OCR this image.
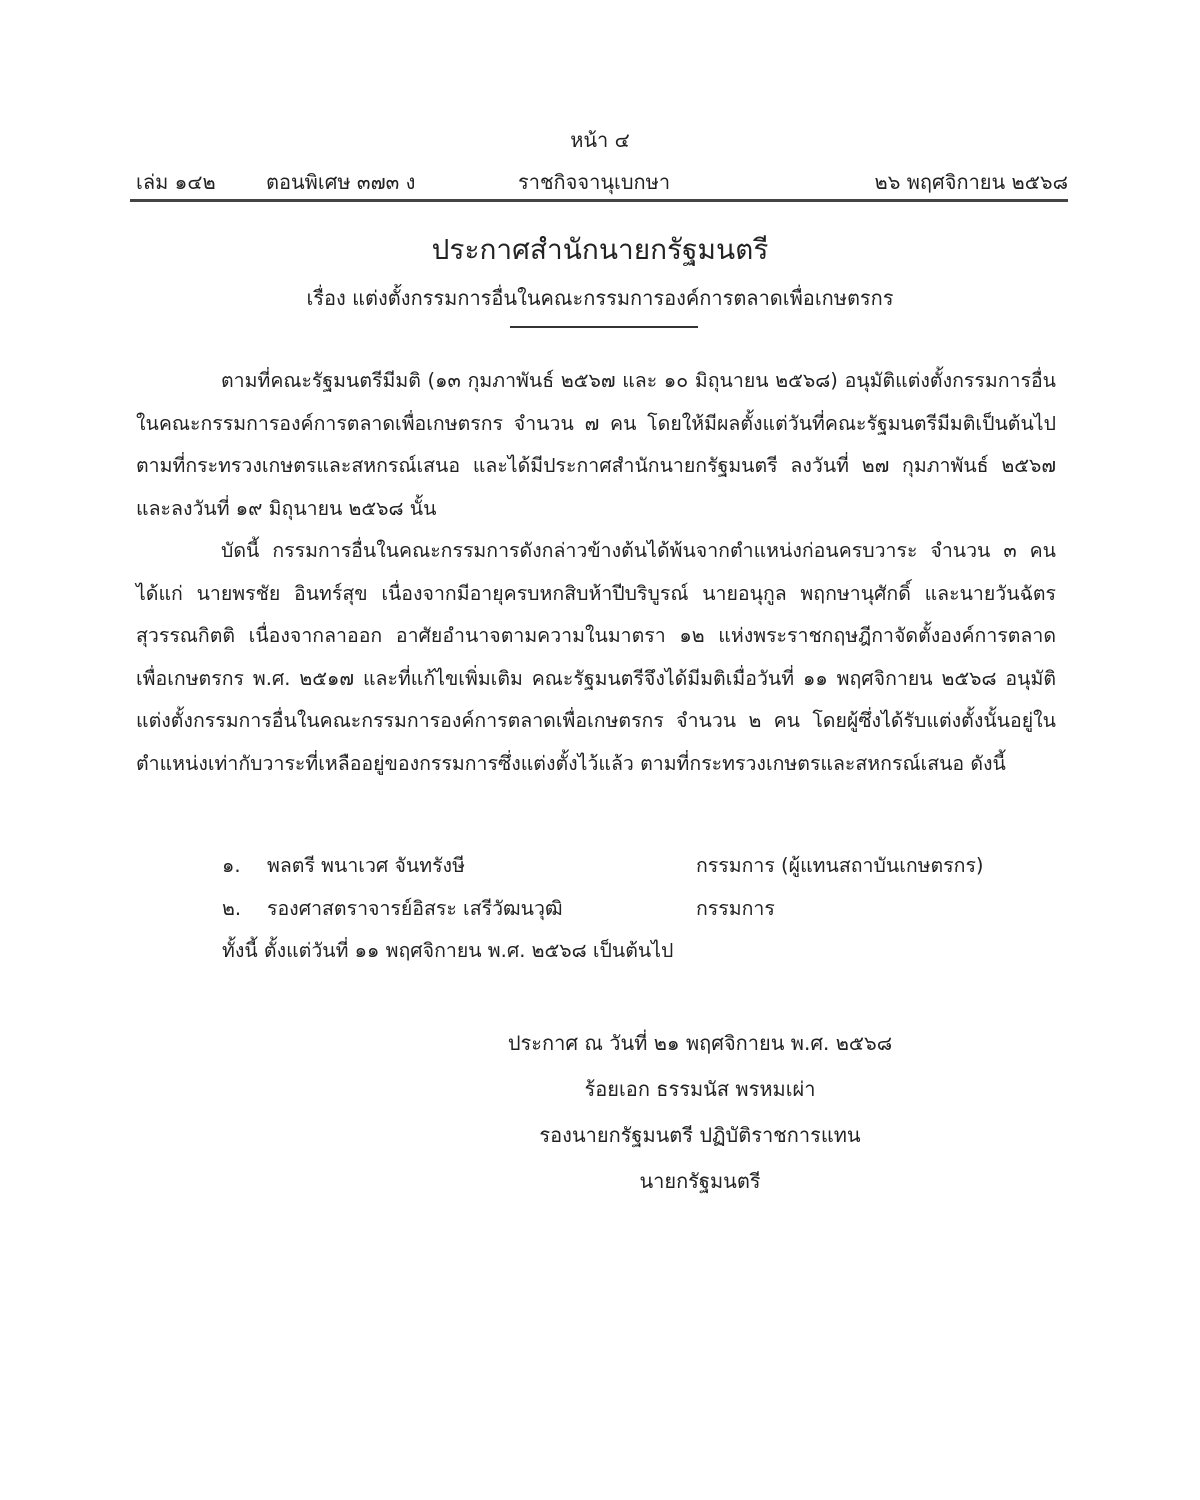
หน้า ๔
เล่ม ๑๔๒	ตอนพิเศษ ๓๗๓ ง	ราชกิจจานุเบกษา	๒๖ พฤศจิกายน ๒๕๖๘
ประกาศสำนักนายกรัฐมนตรี
เรื่อง แต่งตั้งกรรมการอื่นในคณะกรรมการองค์การตลาดเพื่อเกษตรกร

ตามที่คณะรัฐมนตรีมีมติ (๑๓ กุมภาพันธ์ ๒๕๖๗ และ ๑๐ มิถุนายน ๒๕๖๘) อนุมัติแต่งตั้งกรรมการอื่นในคณะกรรมการองค์การตลาดเพื่อเกษตรกร จำนวน ๗ คน โดยให้มีผลตั้งแต่วันที่คณะรัฐมนตรีมีมติเป็นต้นไป ตามที่กระทรวงเกษตรและสหกรณ์เสนอ และได้มีประกาศสำนักนายกรัฐมนตรี ลงวันที่ ๒๗ กุมภาพันธ์ ๒๕๖๗ และลงวันที่ ๑๙ มิถุนายน ๒๕๖๘ นั้น

บัดนี้ กรรมการอื่นในคณะกรรมการดังกล่าวข้างต้นได้พ้นจากตำแหน่งก่อนครบวาระ จำนวน ๓ คน ได้แก่ นายพรชัย อินทร์สุข เนื่องจากมีอายุครบหกสิบห้าปีบริบูรณ์ นายอนุกูล พฤกษานุศักดิ์ และนายวันฉัตร สุวรรณกิตติ เนื่องจากลาออก อาศัยอำนาจตามความในมาตรา ๑๒ แห่งพระราชกฤษฎีกาจัดตั้งองค์การตลาดเพื่อเกษตรกร พ.ศ. ๒๕๑๗ และที่แก้ไขเพิ่มเติม คณะรัฐมนตรีจึงได้มีมติเมื่อวันที่ ๑๑ พฤศจิกายน ๒๕๖๘ อนุมัติแต่งตั้งกรรมการอื่นในคณะกรรมการองค์การตลาดเพื่อเกษตรกร จำนวน ๒ คน โดยผู้ซึ่งได้รับแต่งตั้งนั้นอยู่ในตำแหน่งเท่ากับวาระที่เหลืออยู่ของกรรมการซึ่งแต่งตั้งไว้แล้ว ตามที่กระทรวงเกษตรและสหกรณ์เสนอ ดังนี้

๑. พลตรี พนาเวศ จันทรังษี	กรรมการ (ผู้แทนสถาบันเกษตรกร)
๒. รองศาสตราจารย์อิสระ เสรีวัฒนวุฒิ	กรรมการ
ทั้งนี้ ตั้งแต่วันที่ ๑๑ พฤศจิกายน พ.ศ. ๒๕๖๘ เป็นต้นไป
ประกาศ ณ วันที่ ๒๑ พฤศจิกายน พ.ศ. ๒๕๖๘
ร้อยเอก ธรรมนัส พรหมเผ่า
รองนายกรัฐมนตรี ปฏิบัติราชการแทน
นายกรัฐมนตรี
